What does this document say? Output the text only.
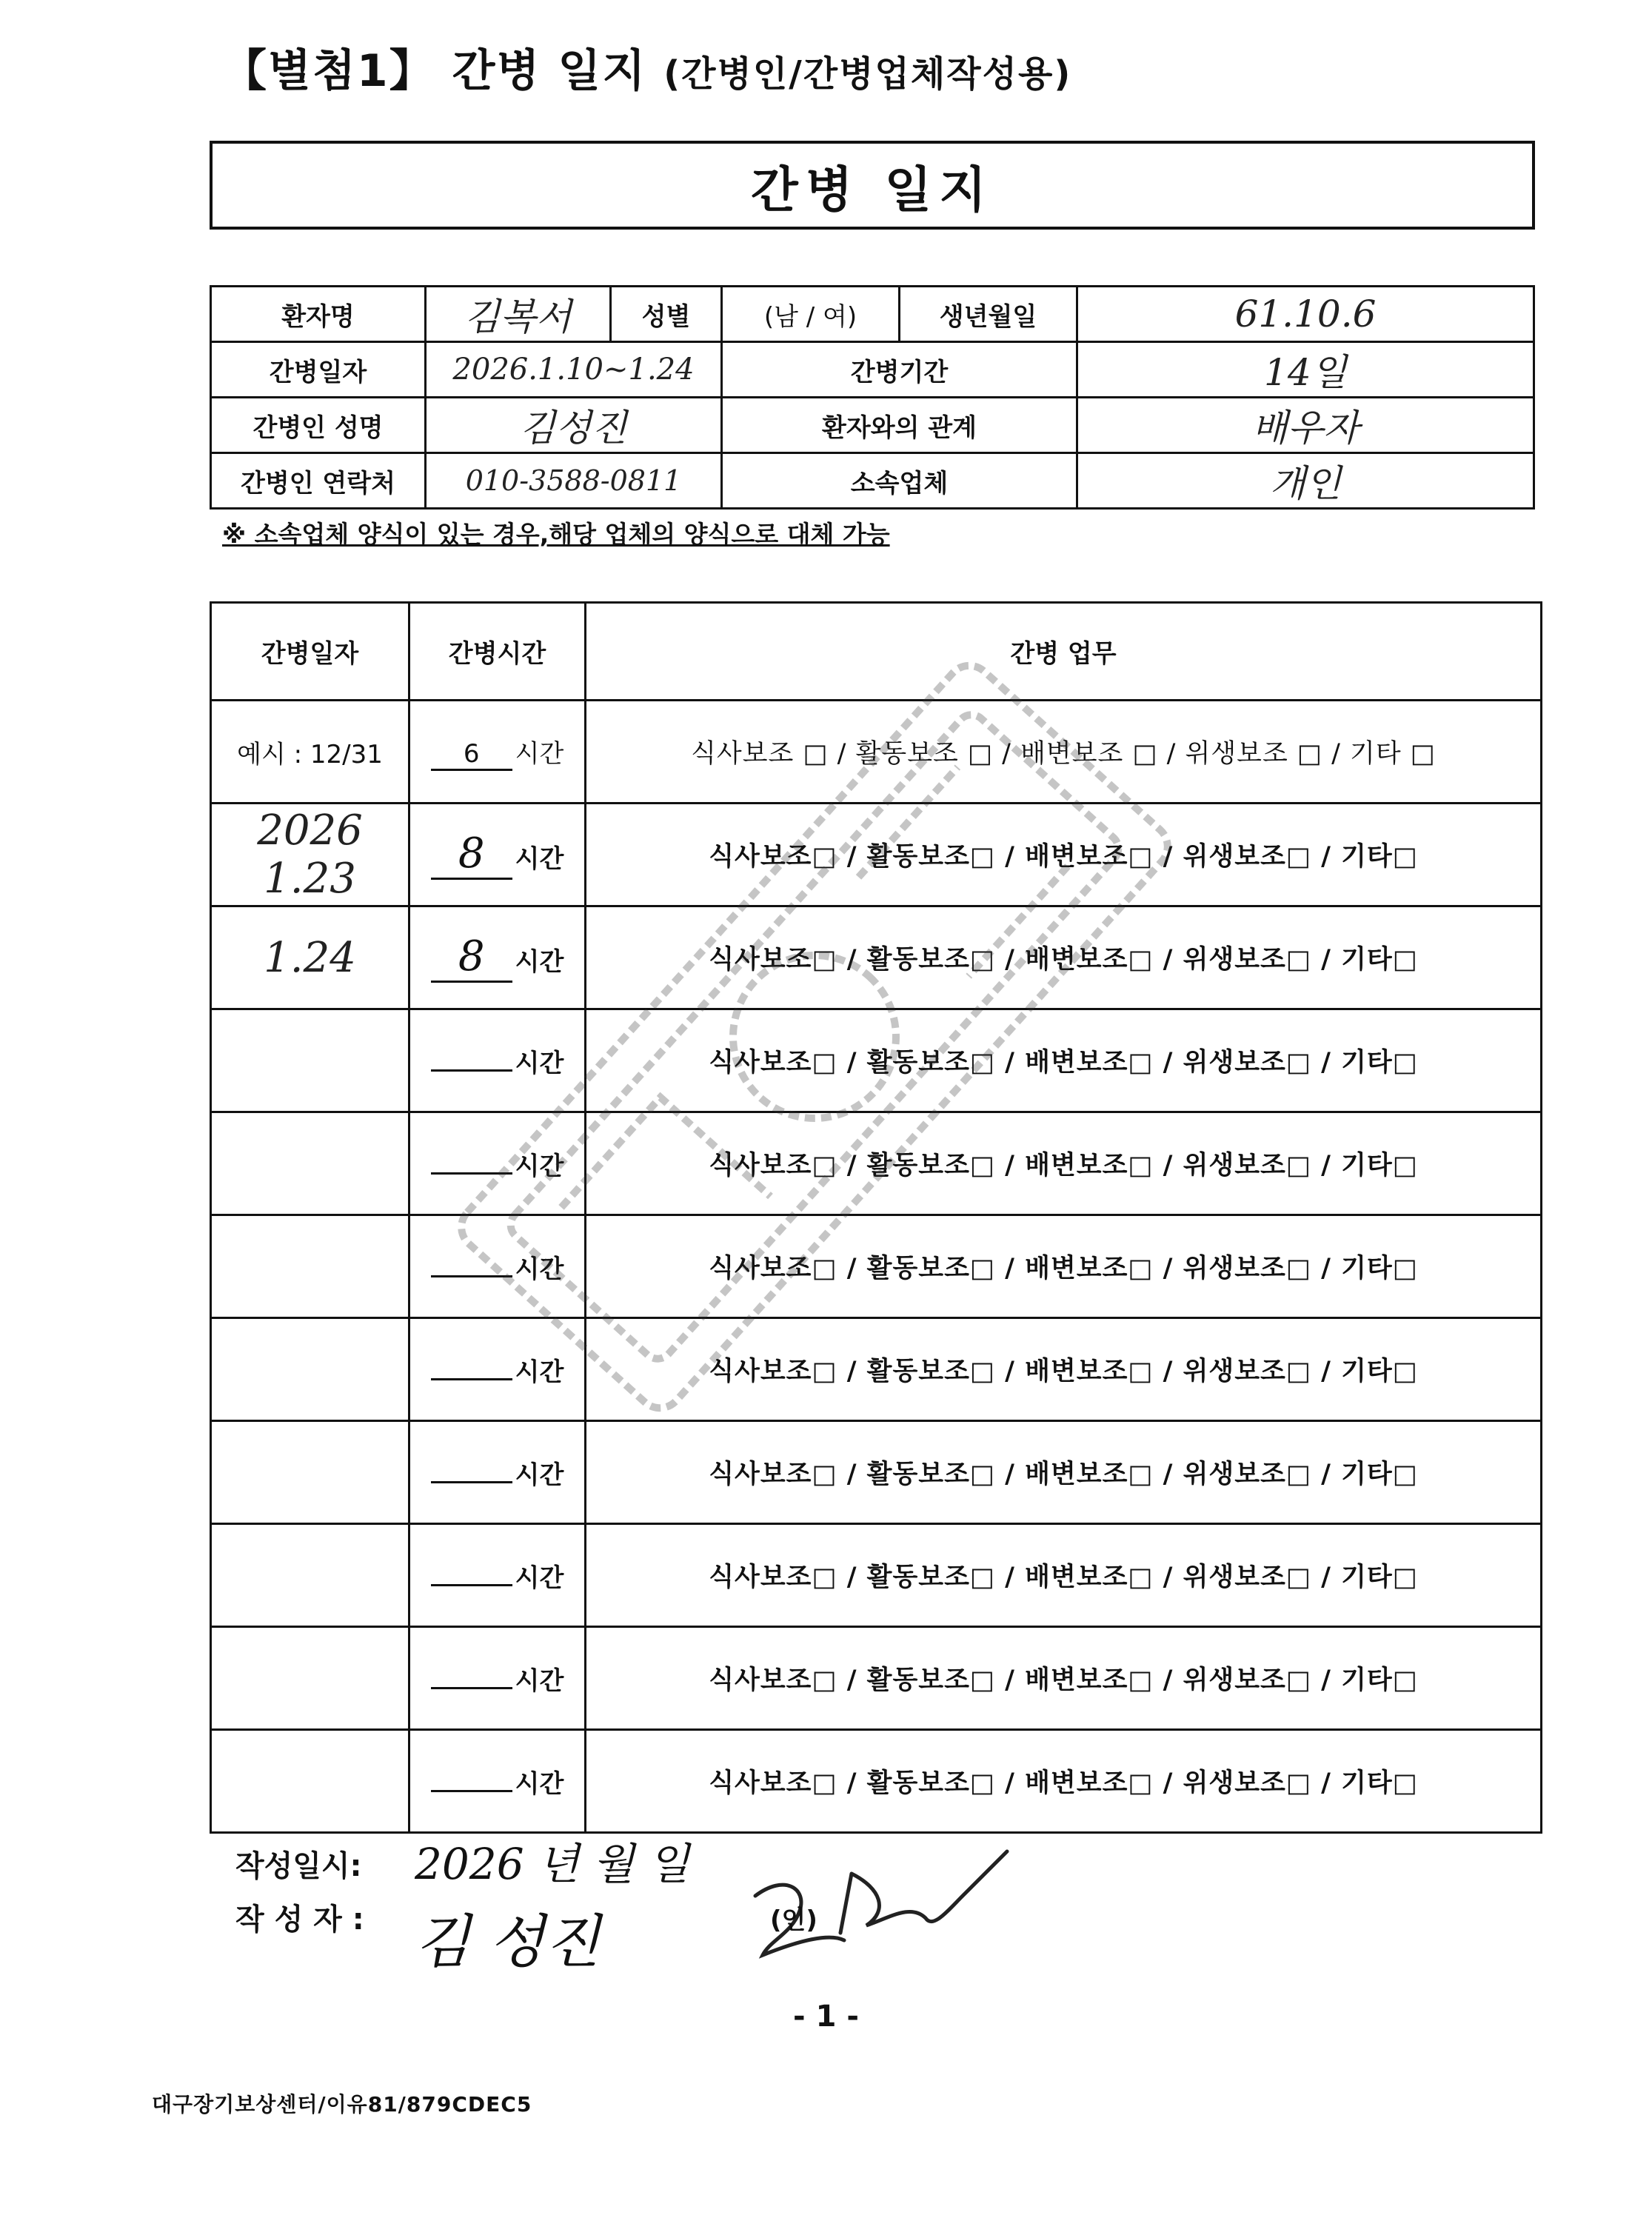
【별첨1】 간병 일지 (간병인/간병업체작성용)
간병 일지
환자명	김복서	성별	(남 / 여)	생년월일	61.10.6
간병일자	2026.1.10~1.24		간병기간		14일
간병인 성명	김성진		환자와의 관계		배우자
간병인 연락처	010-3588-0811		소속업체		개인
※ 소속업체 양식이 있는 경우,해당 업체의 양식으로 대체 가능
간병일자	간병시간	간병 업무
예시 : 12/31	6 시간	식사보조 □ / 활동보조 □ / 배변보조 □ / 위생보조 □ / 기타 □
2026 1.23	8 시간	식사보조□ / 활동보조□ / 배변보조□ / 위생보조□ / 기타□
1.24	8 시간	식사보조□ / 활동보조□ / 배변보조□ / 위생보조□ / 기타□
	시간	식사보조□ / 활동보조□ / 배변보조□ / 위생보조□ / 기타□
	시간	식사보조□ / 활동보조□ / 배변보조□ / 위생보조□ / 기타□
	시간	식사보조□ / 활동보조□ / 배변보조□ / 위생보조□ / 기타□
	시간	식사보조□ / 활동보조□ / 배변보조□ / 위생보조□ / 기타□
	시간	식사보조□ / 활동보조□ / 배변보조□ / 위생보조□ / 기타□
	시간	식사보조□ / 활동보조□ / 배변보조□ / 위생보조□ / 기타□
	시간	식사보조□ / 활동보조□ / 배변보조□ / 위생보조□ / 기타□
	시간	식사보조□ / 활동보조□ / 배변보조□ / 위생보조□ / 기타□
작성일시: 2026 년 월 일
작 성 자 : 김 성진	(인)
- 1 -
대구장기보상센터/이유81/879CDEC5
